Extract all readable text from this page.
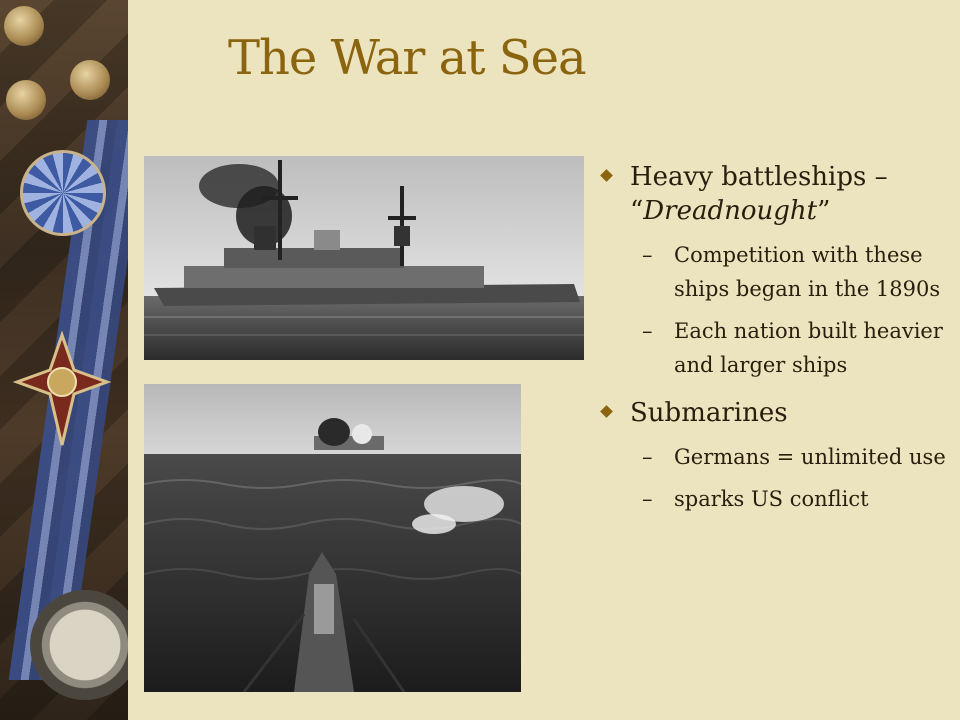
The War at Sea
Heavy battleships –
“Dreadnought”
– Competition with these ships began in the 1890s
– Each nation built heavier and larger ships
Submarines
– Germans = unlimited use
– sparks US conflict
